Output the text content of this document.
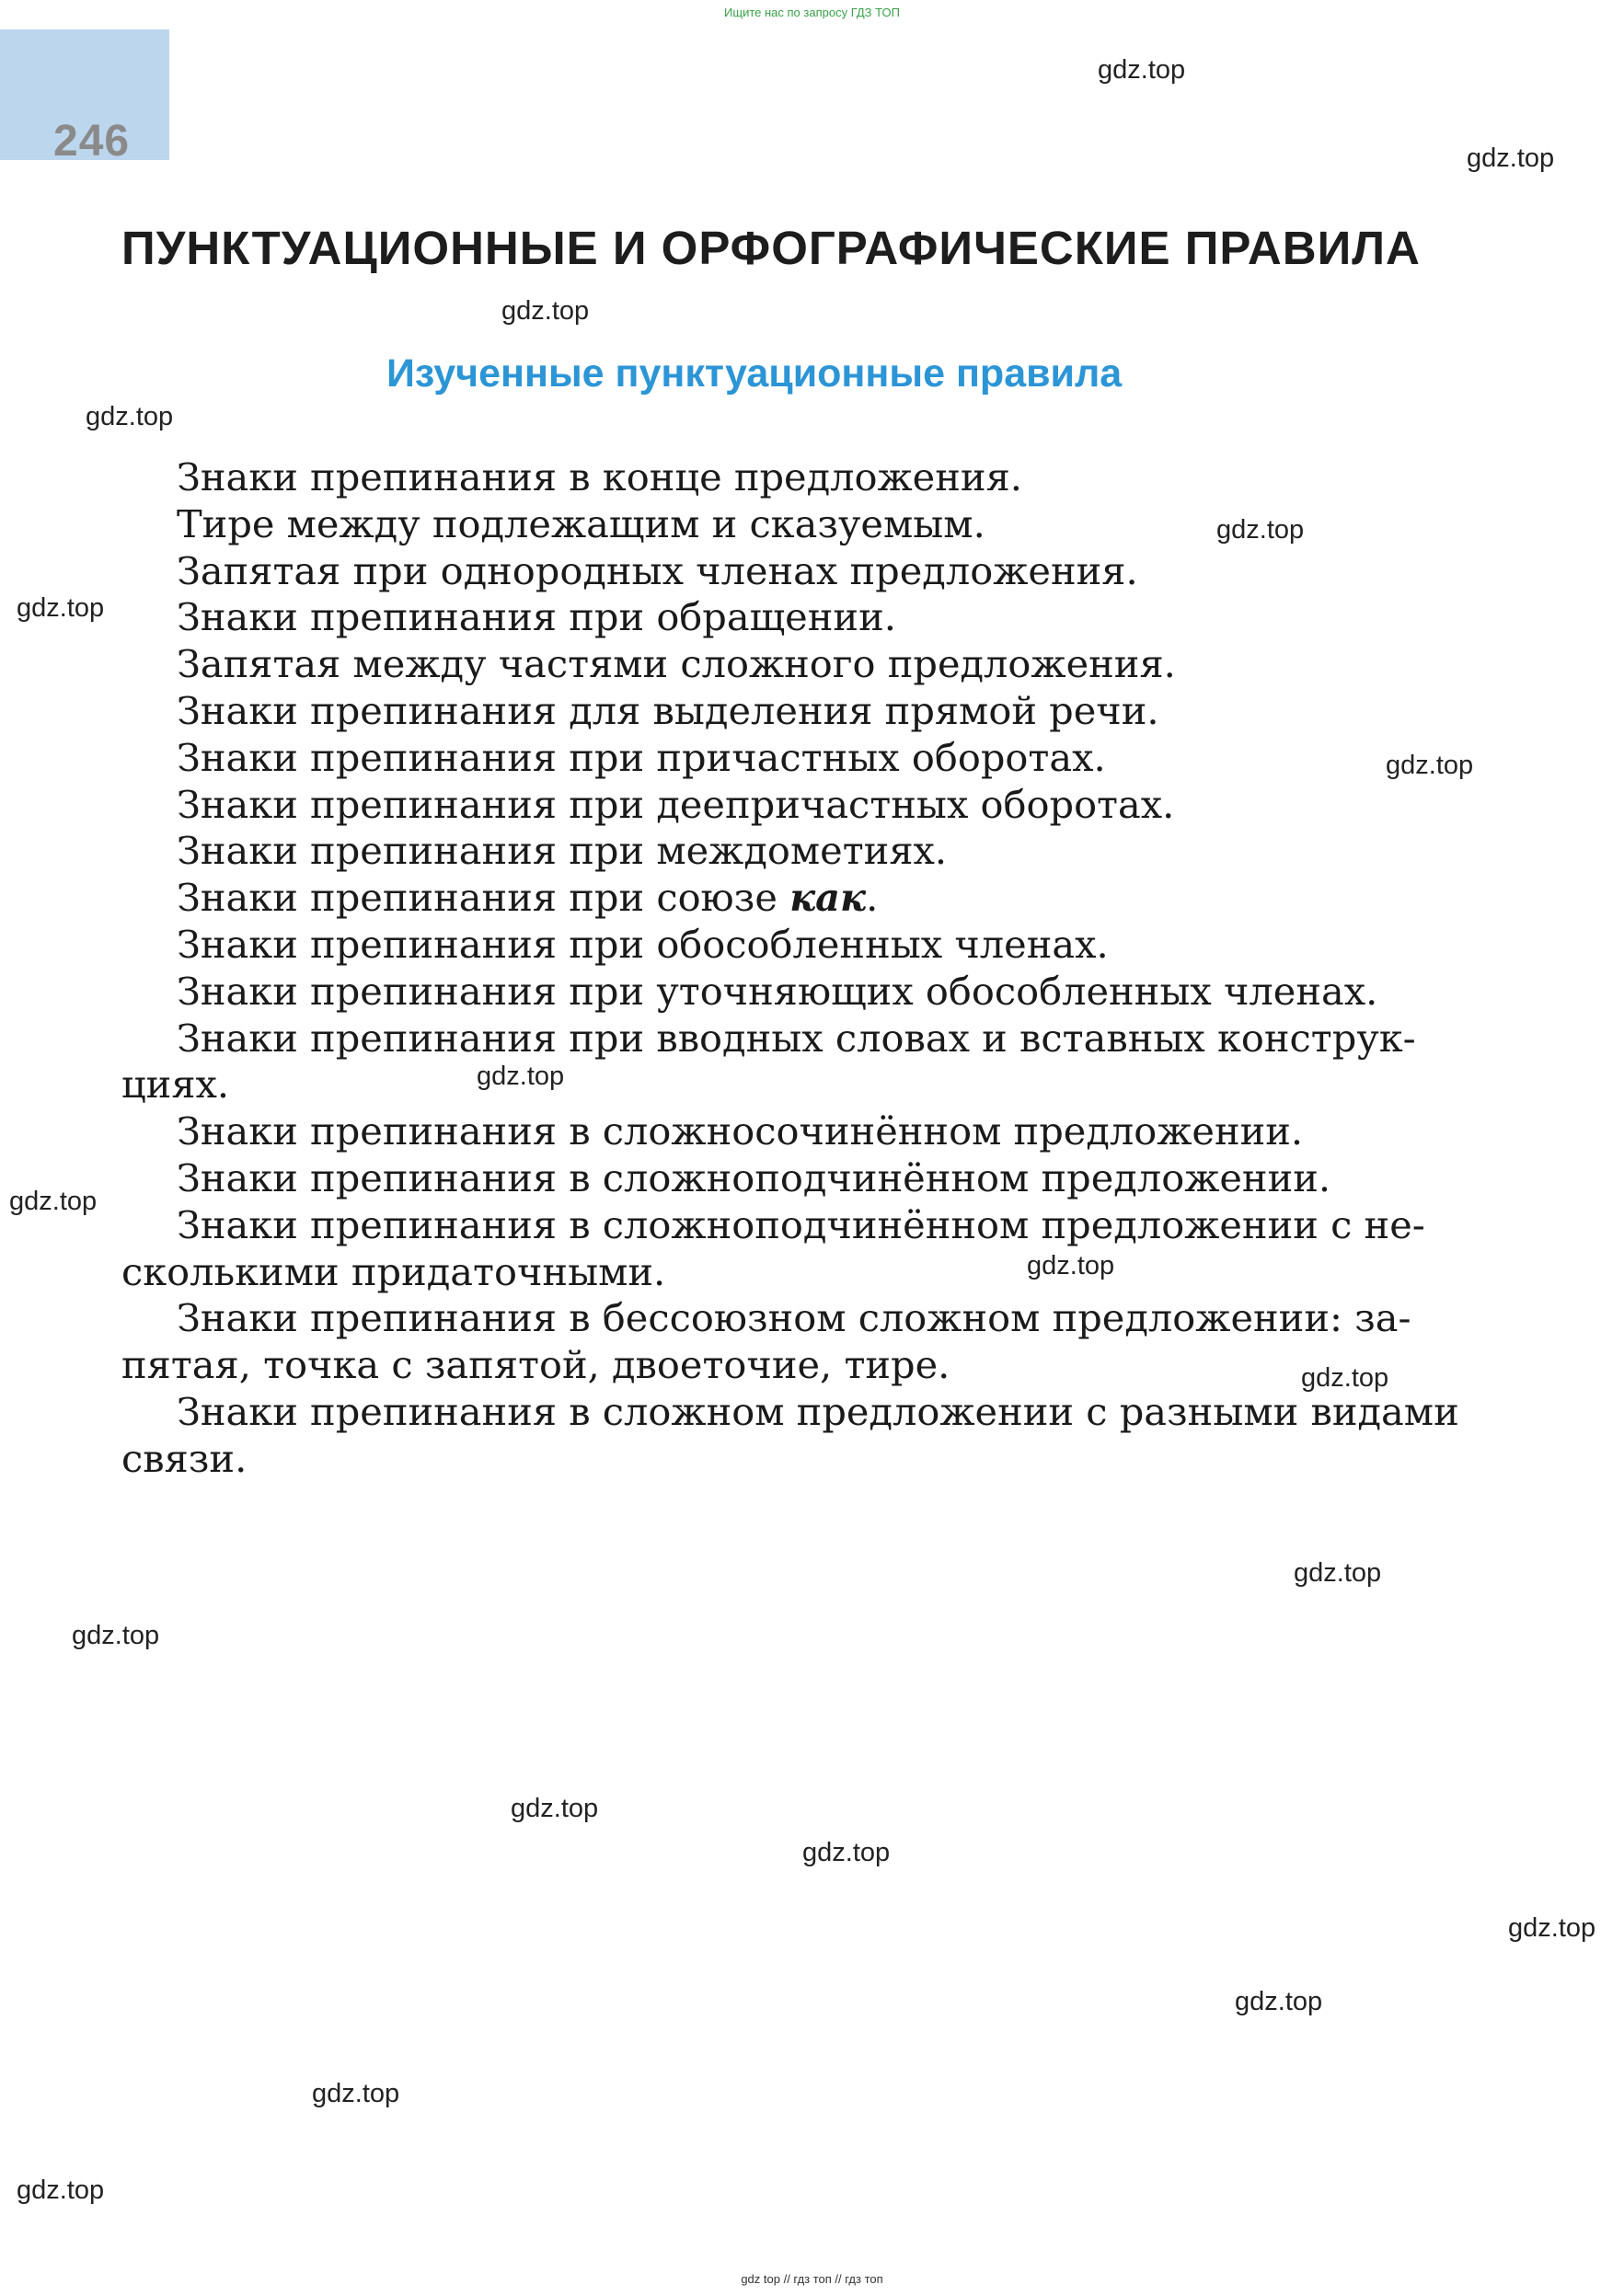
Ищите нас по запросу ГДЗ ТОП
246
ПУНКТУАЦИОННЫЕ И ОРФОГРАФИЧЕСКИЕ ПРАВИЛА
Изученные пунктуационные правила
Знаки препинания в конце предложения.
Тире между подлежащим и сказуемым.
Запятая при однородных членах предложения.
Знаки препинания при обращении.
Запятая между частями сложного предложения.
Знаки препинания для выделения прямой речи.
Знаки препинания при причастных оборотах.
Знаки препинания при деепричастных оборотах.
Знаки препинания при междометиях.
Знаки препинания при союзе как.
Знаки препинания при обособленных членах.
Знаки препинания при уточняющих обособленных членах.
Знаки препинания при вводных словах и вставных конструк-
циях.
Знаки препинания в сложносочинённом предложении.
Знаки препинания в сложноподчинённом предложении.
Знаки препинания в сложноподчинённом предложении с не-
сколькими придаточными.
Знаки препинания в бессоюзном сложном предложении: за-
пятая, точка с запятой, двоеточие, тире.
Знаки препинания в сложном предложении с разными видами
связи.
gdz.top
gdz.top
gdz.top
gdz.top
gdz.top
gdz.top
gdz.top
gdz.top
gdz.top
gdz.top
gdz.top
gdz.top
gdz.top
gdz.top
gdz.top
gdz.top
gdz.top
gdz.top
gdz.top
gdz top // гдз топ // гдз топ
